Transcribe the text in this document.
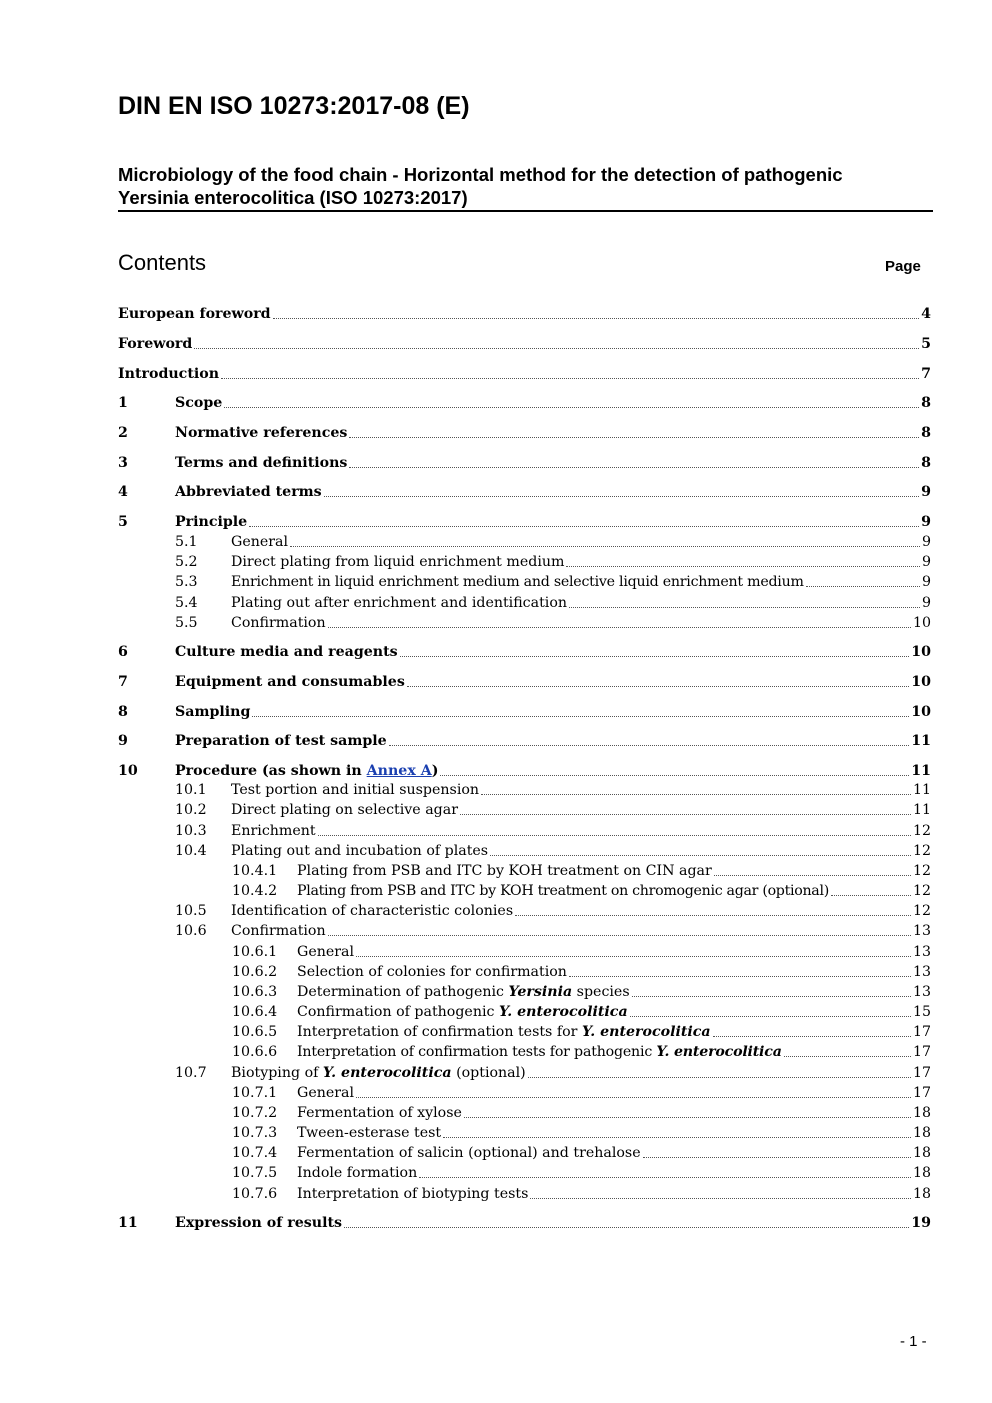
DIN EN ISO 10273:2017-08 (E)
Microbiology of the food chain - Horizontal method for the detection of pathogenic
Yersinia enterocolitica (ISO 10273:2017)
Contents	Page
European foreword	4
Foreword	5
Introduction	7
1	Scope	8
2	Normative references	8
3	Terms and definitions	8
4	Abbreviated terms	9
5	Principle	9
5.1	General	9
5.2	Direct plating from liquid enrichment medium	9
5.3	Enrichment in liquid enrichment medium and selective liquid enrichment medium	9
5.4	Plating out after enrichment and identification	9
5.5	Confirmation	10
6	Culture media and reagents	10
7	Equipment and consumables	10
8	Sampling	10
9	Preparation of test sample	11
10	Procedure (as shown in Annex A)	11
10.1	Test portion and initial suspension	11
10.2	Direct plating on selective agar	11
10.3	Enrichment	12
10.4	Plating out and incubation of plates	12
10.4.1	Plating from PSB and ITC by KOH treatment on CIN agar	12
10.4.2	Plating from PSB and ITC by KOH treatment on chromogenic agar (optional)	12
10.5	Identification of characteristic colonies	12
10.6	Confirmation	13
10.6.1	General	13
10.6.2	Selection of colonies for confirmation	13
10.6.3	Determination of pathogenic Yersinia species	13
10.6.4	Confirmation of pathogenic Y. enterocolitica	15
10.6.5	Interpretation of confirmation tests for Y. enterocolitica	17
10.6.6	Interpretation of confirmation tests for pathogenic Y. enterocolitica	17
10.7	Biotyping of Y. enterocolitica (optional)	17
10.7.1	General	17
10.7.2	Fermentation of xylose	18
10.7.3	Tween-esterase test	18
10.7.4	Fermentation of salicin (optional) and trehalose	18
10.7.5	Indole formation	18
10.7.6	Interpretation of biotyping tests	18
11	Expression of results	19
- 1 -
